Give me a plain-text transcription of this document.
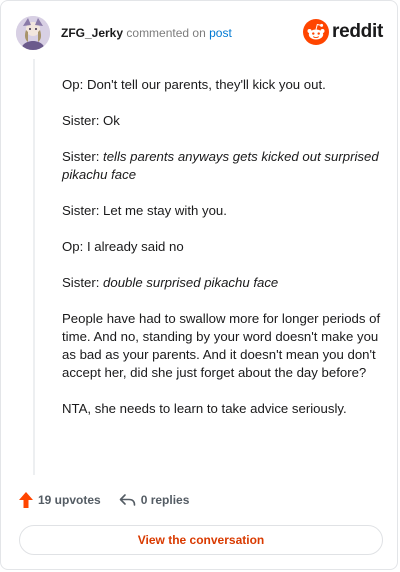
ZFG_Jerky commented on post	reddit

Op: Don't tell our parents, they'll kick you out.

Sister: Ok

Sister: tells parents anyways gets kicked out surprised pikachu face

Sister: Let me stay with you.

Op: I already said no

Sister: double surprised pikachu face

People have had to swallow more for longer periods of time. And no, standing by your word doesn't make you as bad as your parents. And it doesn't mean you don't accept her, did she just forget about the day before?

NTA, she needs to learn to take advice seriously.

19 upvotes	0 replies
View the conversation
